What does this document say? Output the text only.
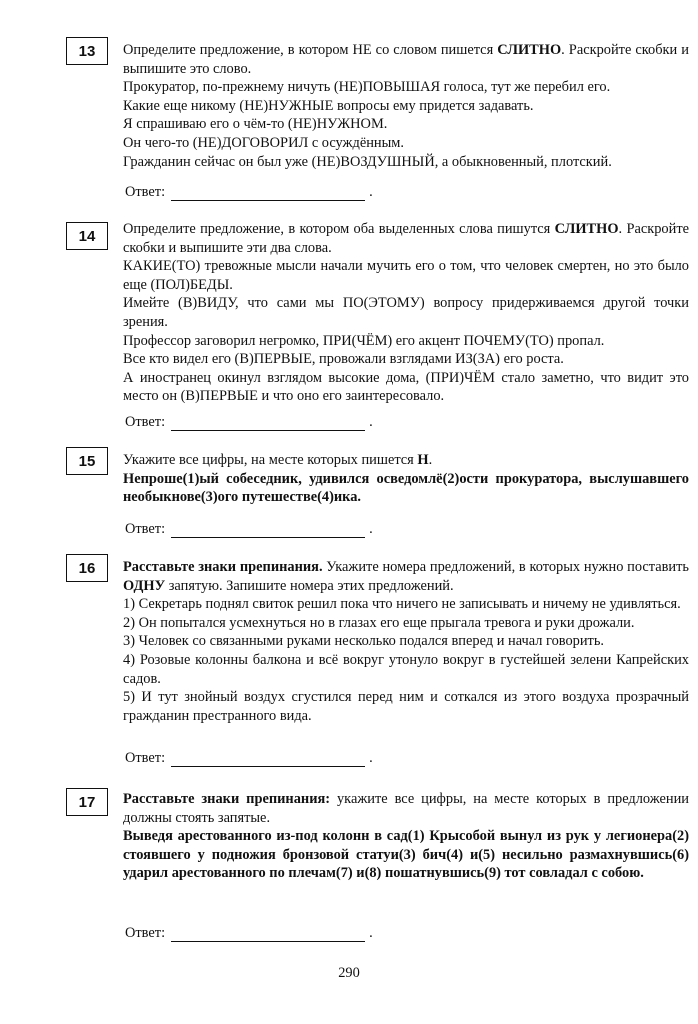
13	Определите предложение, в котором НЕ со словом пишется СЛИТНО. Раскройте скобки и выпишите это слово.

Прокуратор, по-прежнему ничуть (НЕ)ПОВЫШАЯ голоса, тут же перебил его.

Какие еще никому (НЕ)НУЖНЫЕ вопросы ему придется задавать.

Я спрашиваю его о чём-то (НЕ)НУЖНОМ.

Он чего-то (НЕ)ДОГОВОРИЛ с осуждённым.

Гражданин сейчас он был уже (НЕ)ВОЗДУШНЫЙ, а обыкновенный, плотский.

Ответ:	.
14	Определите предложение, в котором оба выделенных слова пишутся СЛИТНО. Раскройте скобки и выпишите эти два слова.

КАКИЕ(ТО) тревожные мысли начали мучить его о том, что человек смертен, но это было еще (ПОЛ)БЕДЫ.

Имейте (В)ВИДУ, что сами мы ПО(ЭТОМУ) вопросу придерживаемся другой точки зрения.

Профессор заговорил негромко, ПРИ(ЧЁМ) его акцент ПОЧЕМУ(ТО) пропал.

Все кто видел его (В)ПЕРВЫЕ, провожали взглядами ИЗ(ЗА) его роста.

А иностранец окинул взглядом высокие дома, (ПРИ)ЧЁМ стало заметно, что видит это место он (В)ПЕРВЫЕ и что оно его заинтересовало.

Ответ:	.
15	Укажите все цифры, на месте которых пишется Н.

Непроше(1)ый собеседник, удивился осведомлё(2)ости прокуратора, выслушавшего необыкнове(3)ого путешестве(4)ика.

Ответ:	.
16	Расставьте знаки препинания. Укажите номера предложений, в которых нужно поставить ОДНУ запятую. Запишите номера этих предложений.

1) Секретарь поднял свиток решил пока что ничего не записывать и ничему не удивляться.

2) Он попытался усмехнуться но в глазах его еще прыгала тревога и руки дрожали.

3) Человек со связанными руками несколько подался вперед и начал говорить.

4) Розовые колонны балкона и всё вокруг утонуло вокруг в густейшей зелени Капрейских садов.

5) И тут знойный воздух сгустился перед ним и соткался из этого воздуха прозрачный гражданин престранного вида.

Ответ:	.
17	Расставьте знаки препинания: укажите все цифры, на месте которых в предложении должны стоять запятые.

Выведя арестованного из-под колонн в сад(1) Крысобой вынул из рук у легионера(2) стоявшего у подножия бронзовой статуи(3) бич(4) и(5) несильно размахнувшись(6) ударил арестованного по плечам(7) и(8) пошатнувшись(9) тот совладал с собою.

Ответ:	.
290
